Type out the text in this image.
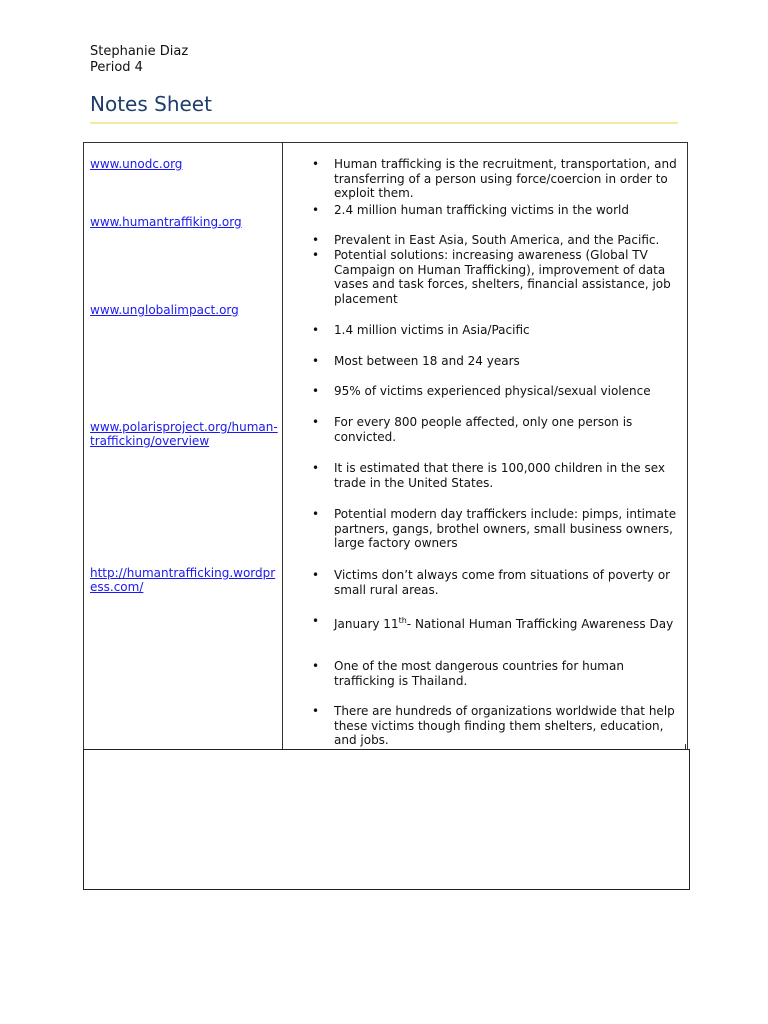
Stephanie Diaz
Period 4
Notes Sheet
www.unodc.org
www.humantraffiking.org
www.unglobalimpact.org
www.polarisproject.org/human-trafficking/overview
http://humantrafficking.wordpress.com/
• Human trafficking is the recruitment, transportation, and transferring of a person using force/coercion in order to exploit them.
• 2.4 million human trafficking victims in the world
• Prevalent in East Asia, South America, and the Pacific.
• Potential solutions: increasing awareness (Global TV Campaign on Human Trafficking), improvement of data vases and task forces, shelters, financial assistance, job placement
• 1.4 million victims in Asia/Pacific
• Most between 18 and 24 years
• 95% of victims experienced physical/sexual violence
• For every 800 people affected, only one person is convicted.
• It is estimated that there is 100,000 children in the sex trade in the United States.
• Potential modern day traffickers include: pimps, intimate partners, gangs, brothel owners, small business owners, large factory owners
• Victims don’t always come from situations of poverty or small rural areas.
• January 11th- National Human Trafficking Awareness Day
• One of the most dangerous countries for human trafficking is Thailand.
• There are hundreds of organizations worldwide that help these victims though finding them shelters, education, and jobs.
